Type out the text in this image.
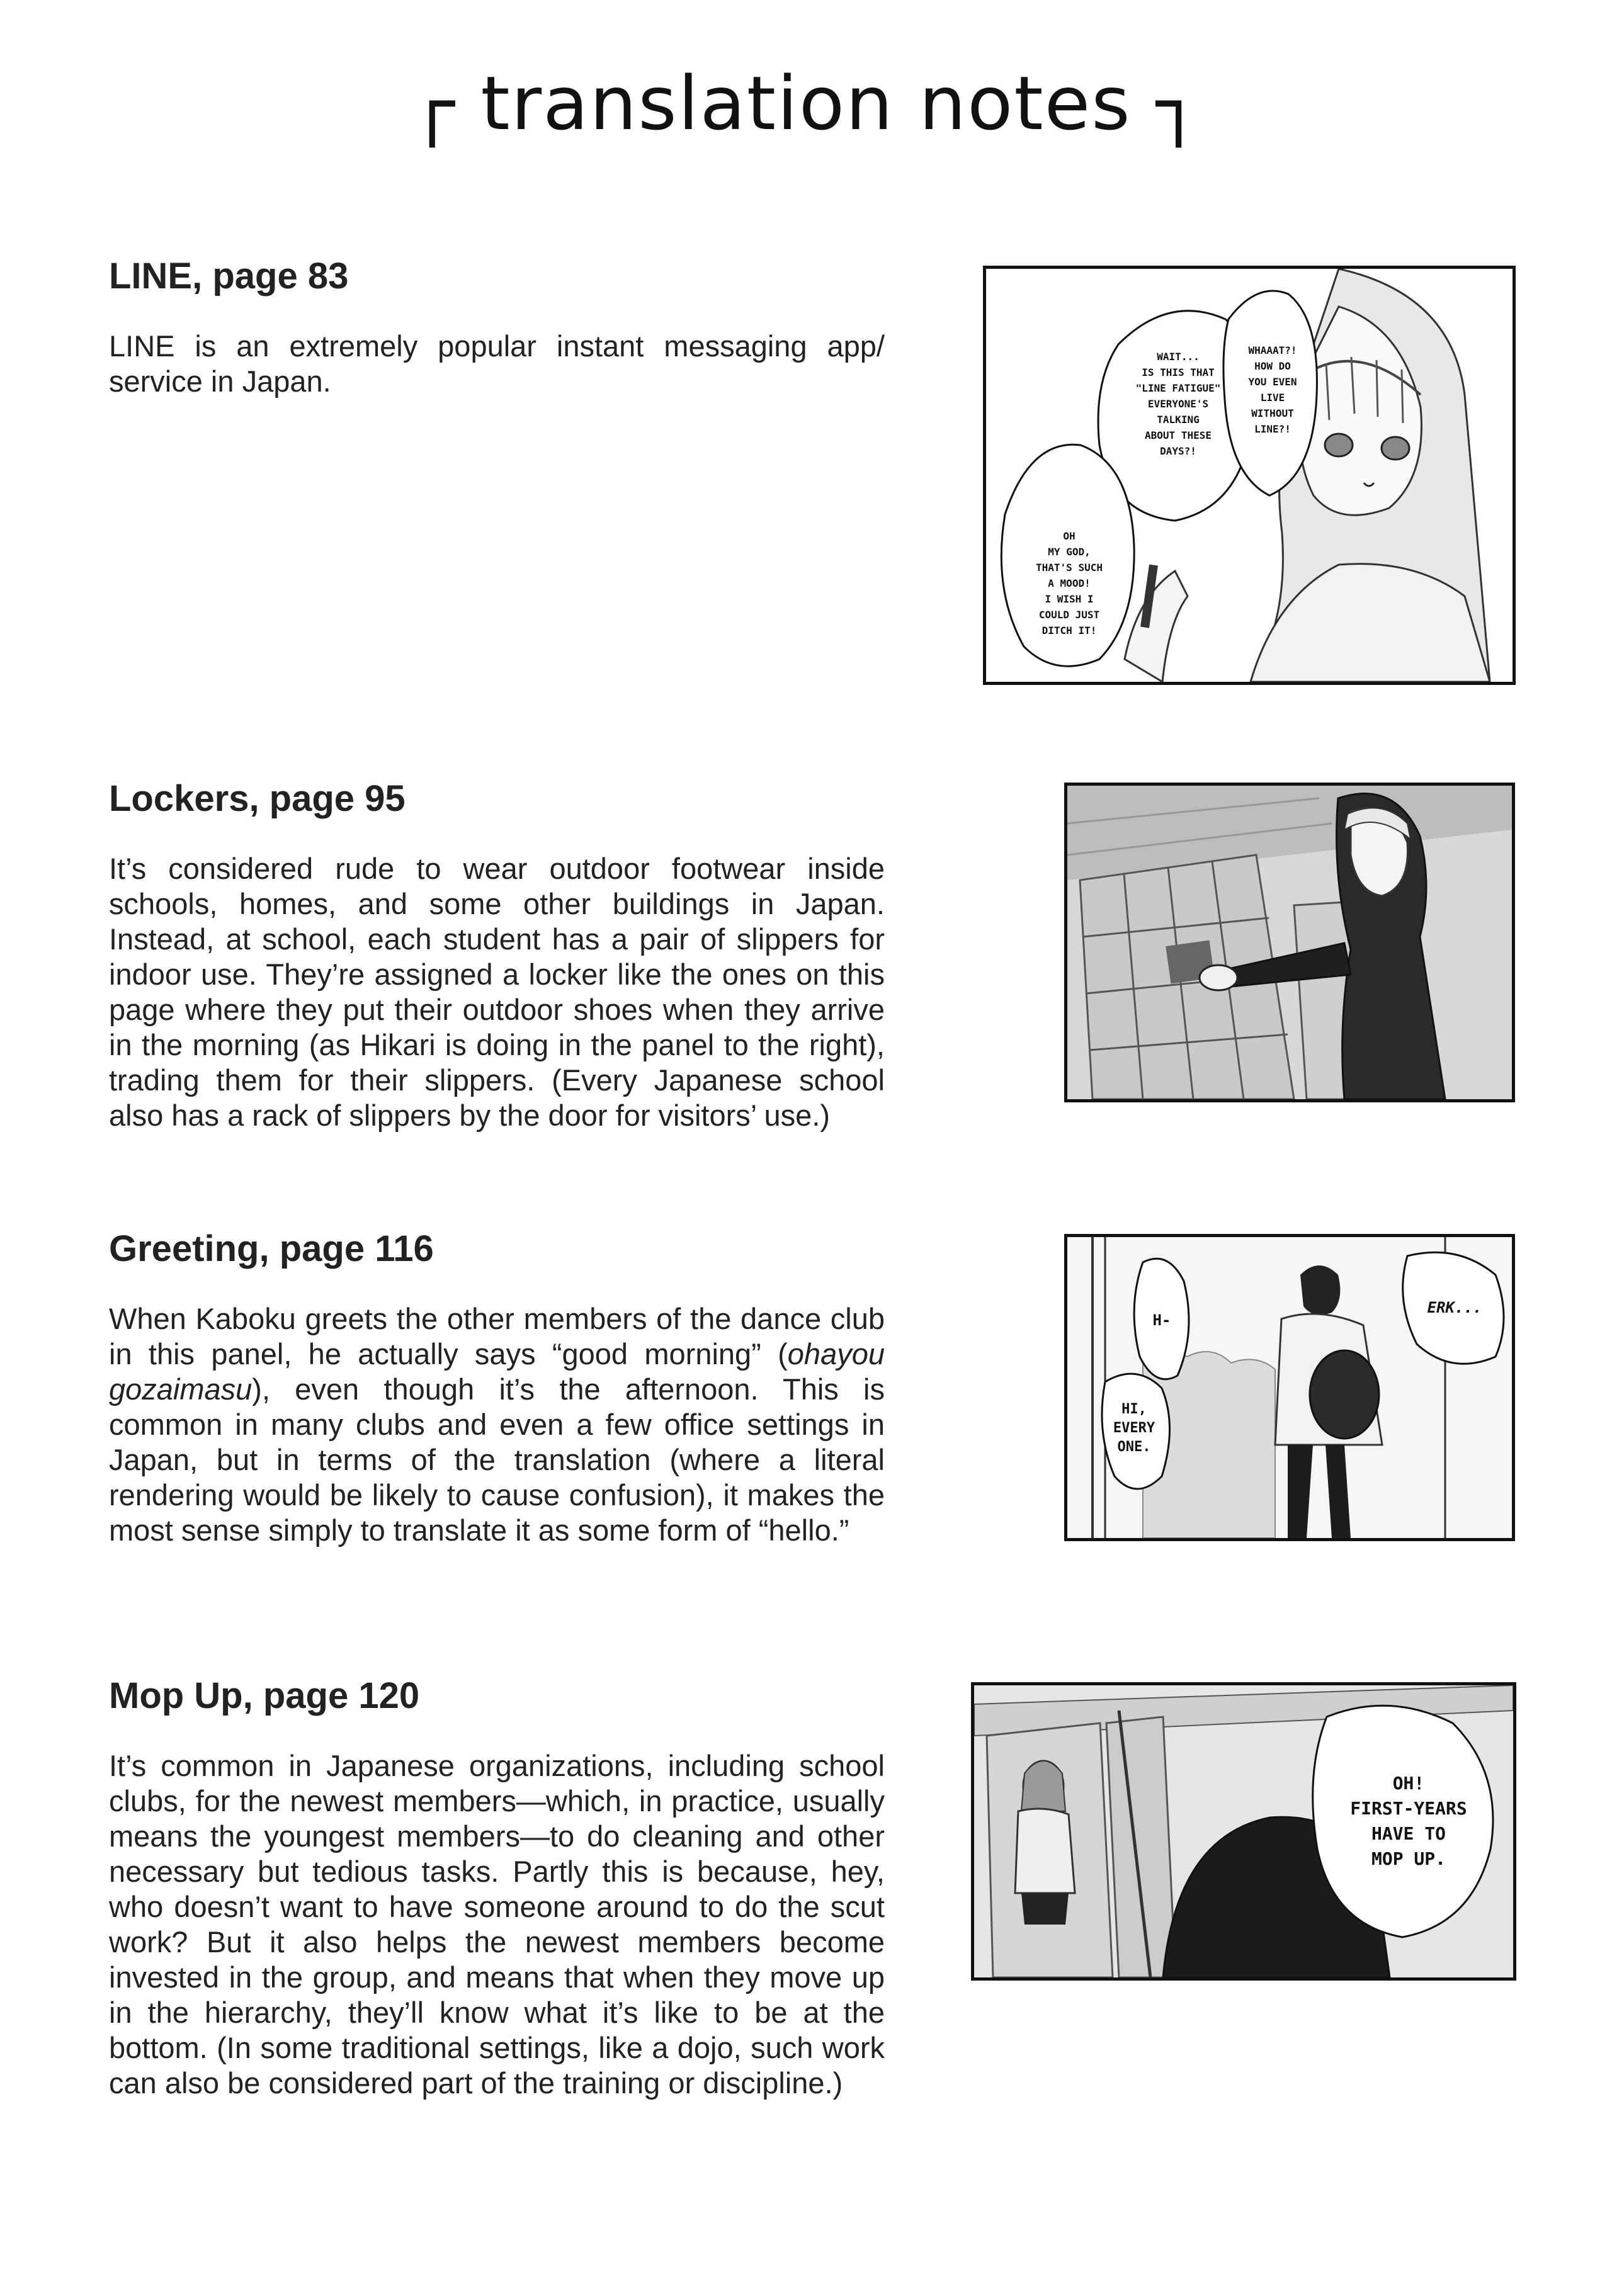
┌ translation notes ┐
LINE, page 83

LINE is an extremely popular instant messaging app/ service in Japan.

Lockers, page 95

It’s considered rude to wear outdoor footwear inside schools, homes, and some other buildings in Japan. Instead, at school, each student has a pair of slippers for indoor use. They’re assigned a locker like the ones on this page where they put their outdoor shoes when they arrive in the morning (as Hikari is doing in the panel to the right), trading them for their slippers. (Every Japanese school also has a rack of slippers by the door for visitors’ use.)

Greeting, page 116

When Kaboku greets the other members of the dance club in this panel, he actually says “good morning” (ohayou gozaimasu), even though it’s the afternoon. This is common in many clubs and even a few office settings in Japan, but in terms of the translation (where a literal rendering would be likely to cause confusion), it makes the most sense simply to translate it as some form of “hello.”

Mop Up, page 120

It’s common in Japanese organizations, including school clubs, for the newest members—which, in practice, usually means the youngest members—to do cleaning and other necessary but tedious tasks. Partly this is because, hey, who doesn’t want to have someone around to do the scut work? But it also helps the newest members become invested in the group, and means that when they move up in the hierarchy, they’ll know what it’s like to be at the bottom. (In some traditional settings, like a dojo, such work can also be considered part of the training or discipline.)

WAIT...
IS THIS THAT
"LINE FATIGUE"
EVERYONE'S
TALKING
ABOUT THESE
DAYS?!
WHAAAT?!
HOW DO
YOU EVEN
LIVE
WITHOUT
LINE?!
OH
MY GOD,
THAT'S SUCH
A MOOD!
I WISH I
COULD JUST
DITCH IT!
H-
HI,
EVERY
ONE.
ERK...
OH!
FIRST-YEARS
HAVE TO
MOP UP.
